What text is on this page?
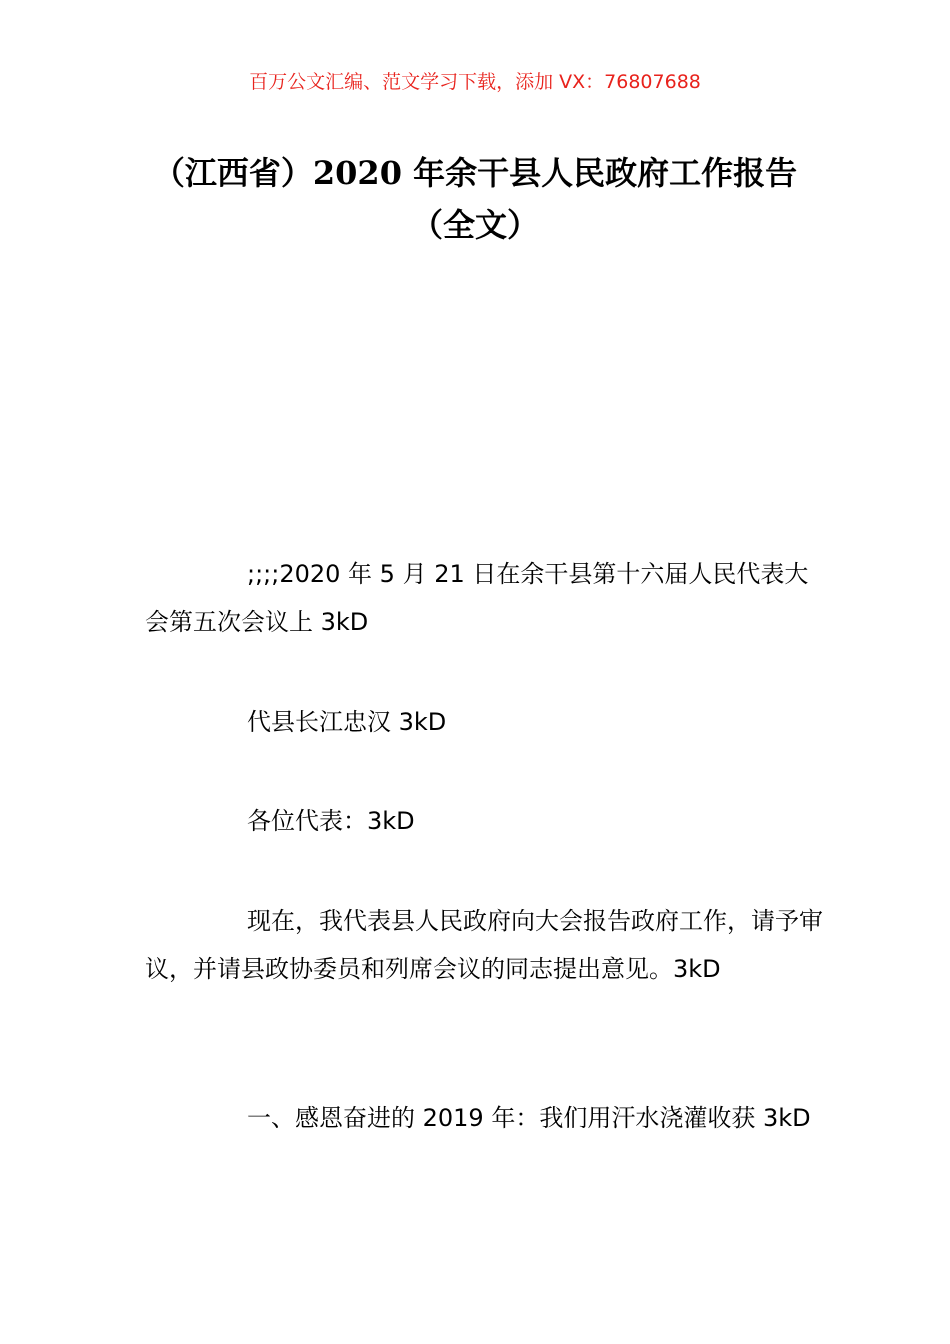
百万公文汇编、范文学习下载，添加 VX：76807688
（江西省）2020 年余干县人民政府工作报告（全文）

;;;;2020 年 5 月 21 日在余干县第十六届人民代表大会第五次会议上 3kD

代县长江忠汉 3kD

各位代表：3kD

现在，我代表县人民政府向大会报告政府工作，请予审议，并请县政协委员和列席会议的同志提出意见。3kD

一、感恩奋进的 2019 年：我们用汗水浇灌收获 3kD
